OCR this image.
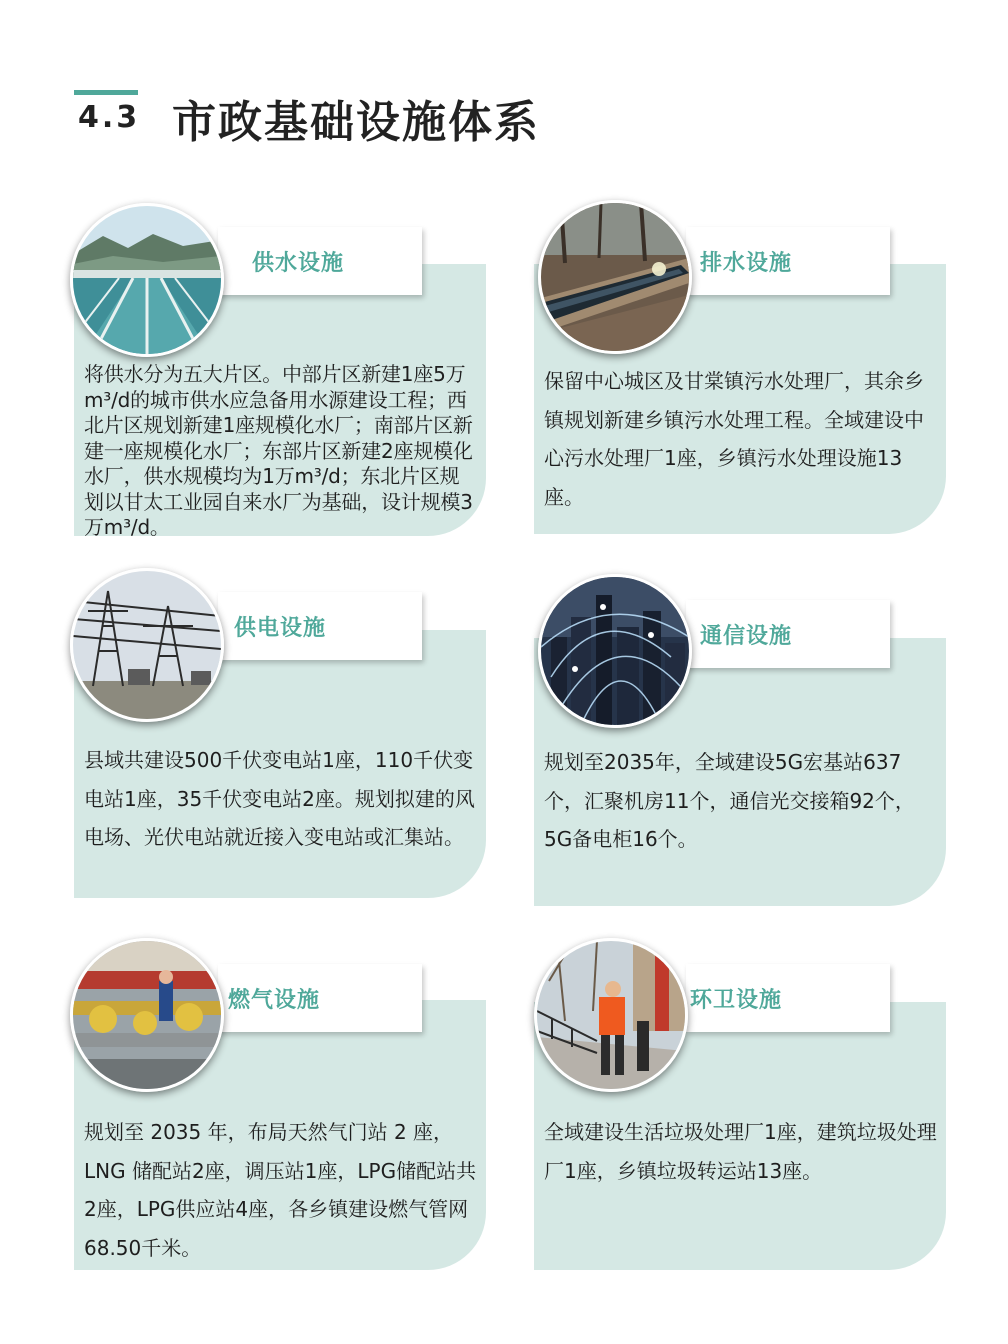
4.3 市政基础设施体系

将供水分为五大片区。中部片区新建1座5万m³/d的城市供水应急备用水源建设工程；西北片区规划新建1座规模化水厂；南部片区新建一座规模化水厂；东部片区新建2座规模化水厂，供水规模均为1万m³/d；东北片区规划以甘太工业园自来水厂为基础，设计规模3万m³/d。

供水设施

保留中心城区及甘棠镇污水处理厂，其余乡镇规划新建乡镇污水处理工程。全域建设中心污水处理厂1座，乡镇污水处理设施13座。

排水设施

县域共建设500千伏变电站1座，110千伏变电站1座，35千伏变电站2座。规划拟建的风电场、光伏电站就近接入变电站或汇集站。

供电设施

规划至2035年，全域建设5G宏基站637个，汇聚机房11个，通信光交接箱92个，5G备电柜16个。

通信设施

规划至 2035 年，布局天然气门站 2 座，LNG 储配站2座，调压站1座，LPG储配站共2座，LPG供应站4座，各乡镇建设燃气管网68.50千米。

燃气设施

全域建设生活垃圾处理厂1座，建筑垃圾处理厂1座，乡镇垃圾转运站13座。

环卫设施
